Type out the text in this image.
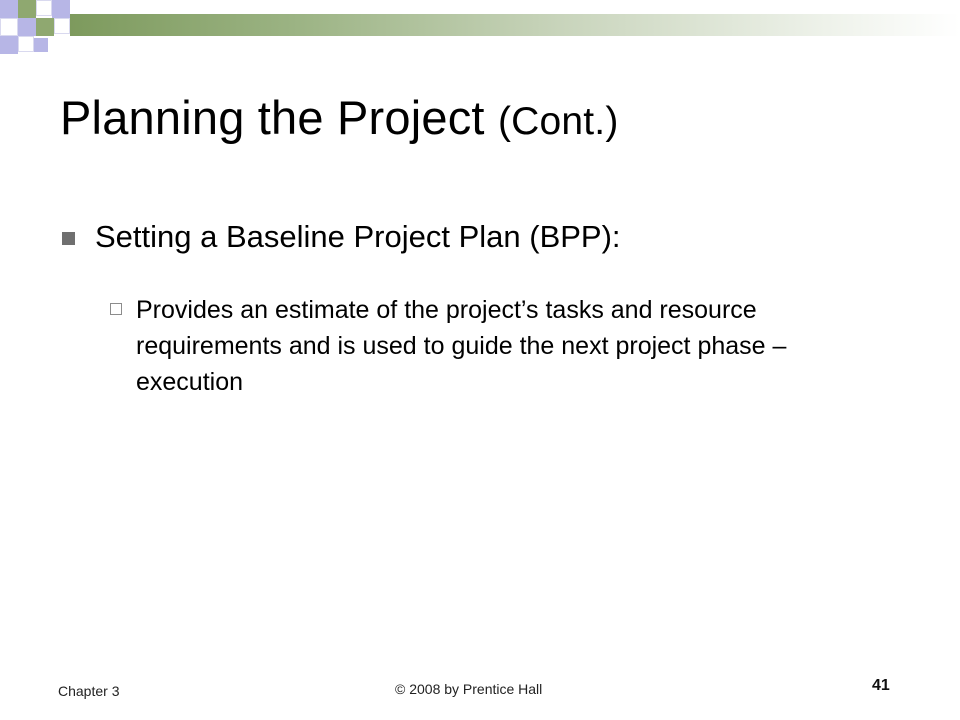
Planning the Project (Cont.)
Setting a Baseline Project Plan (BPP):
Provides an estimate of the project’s tasks and resource requirements and is used to guide the next project phase – execution
Chapter 3	© 2008 by Prentice Hall	41
